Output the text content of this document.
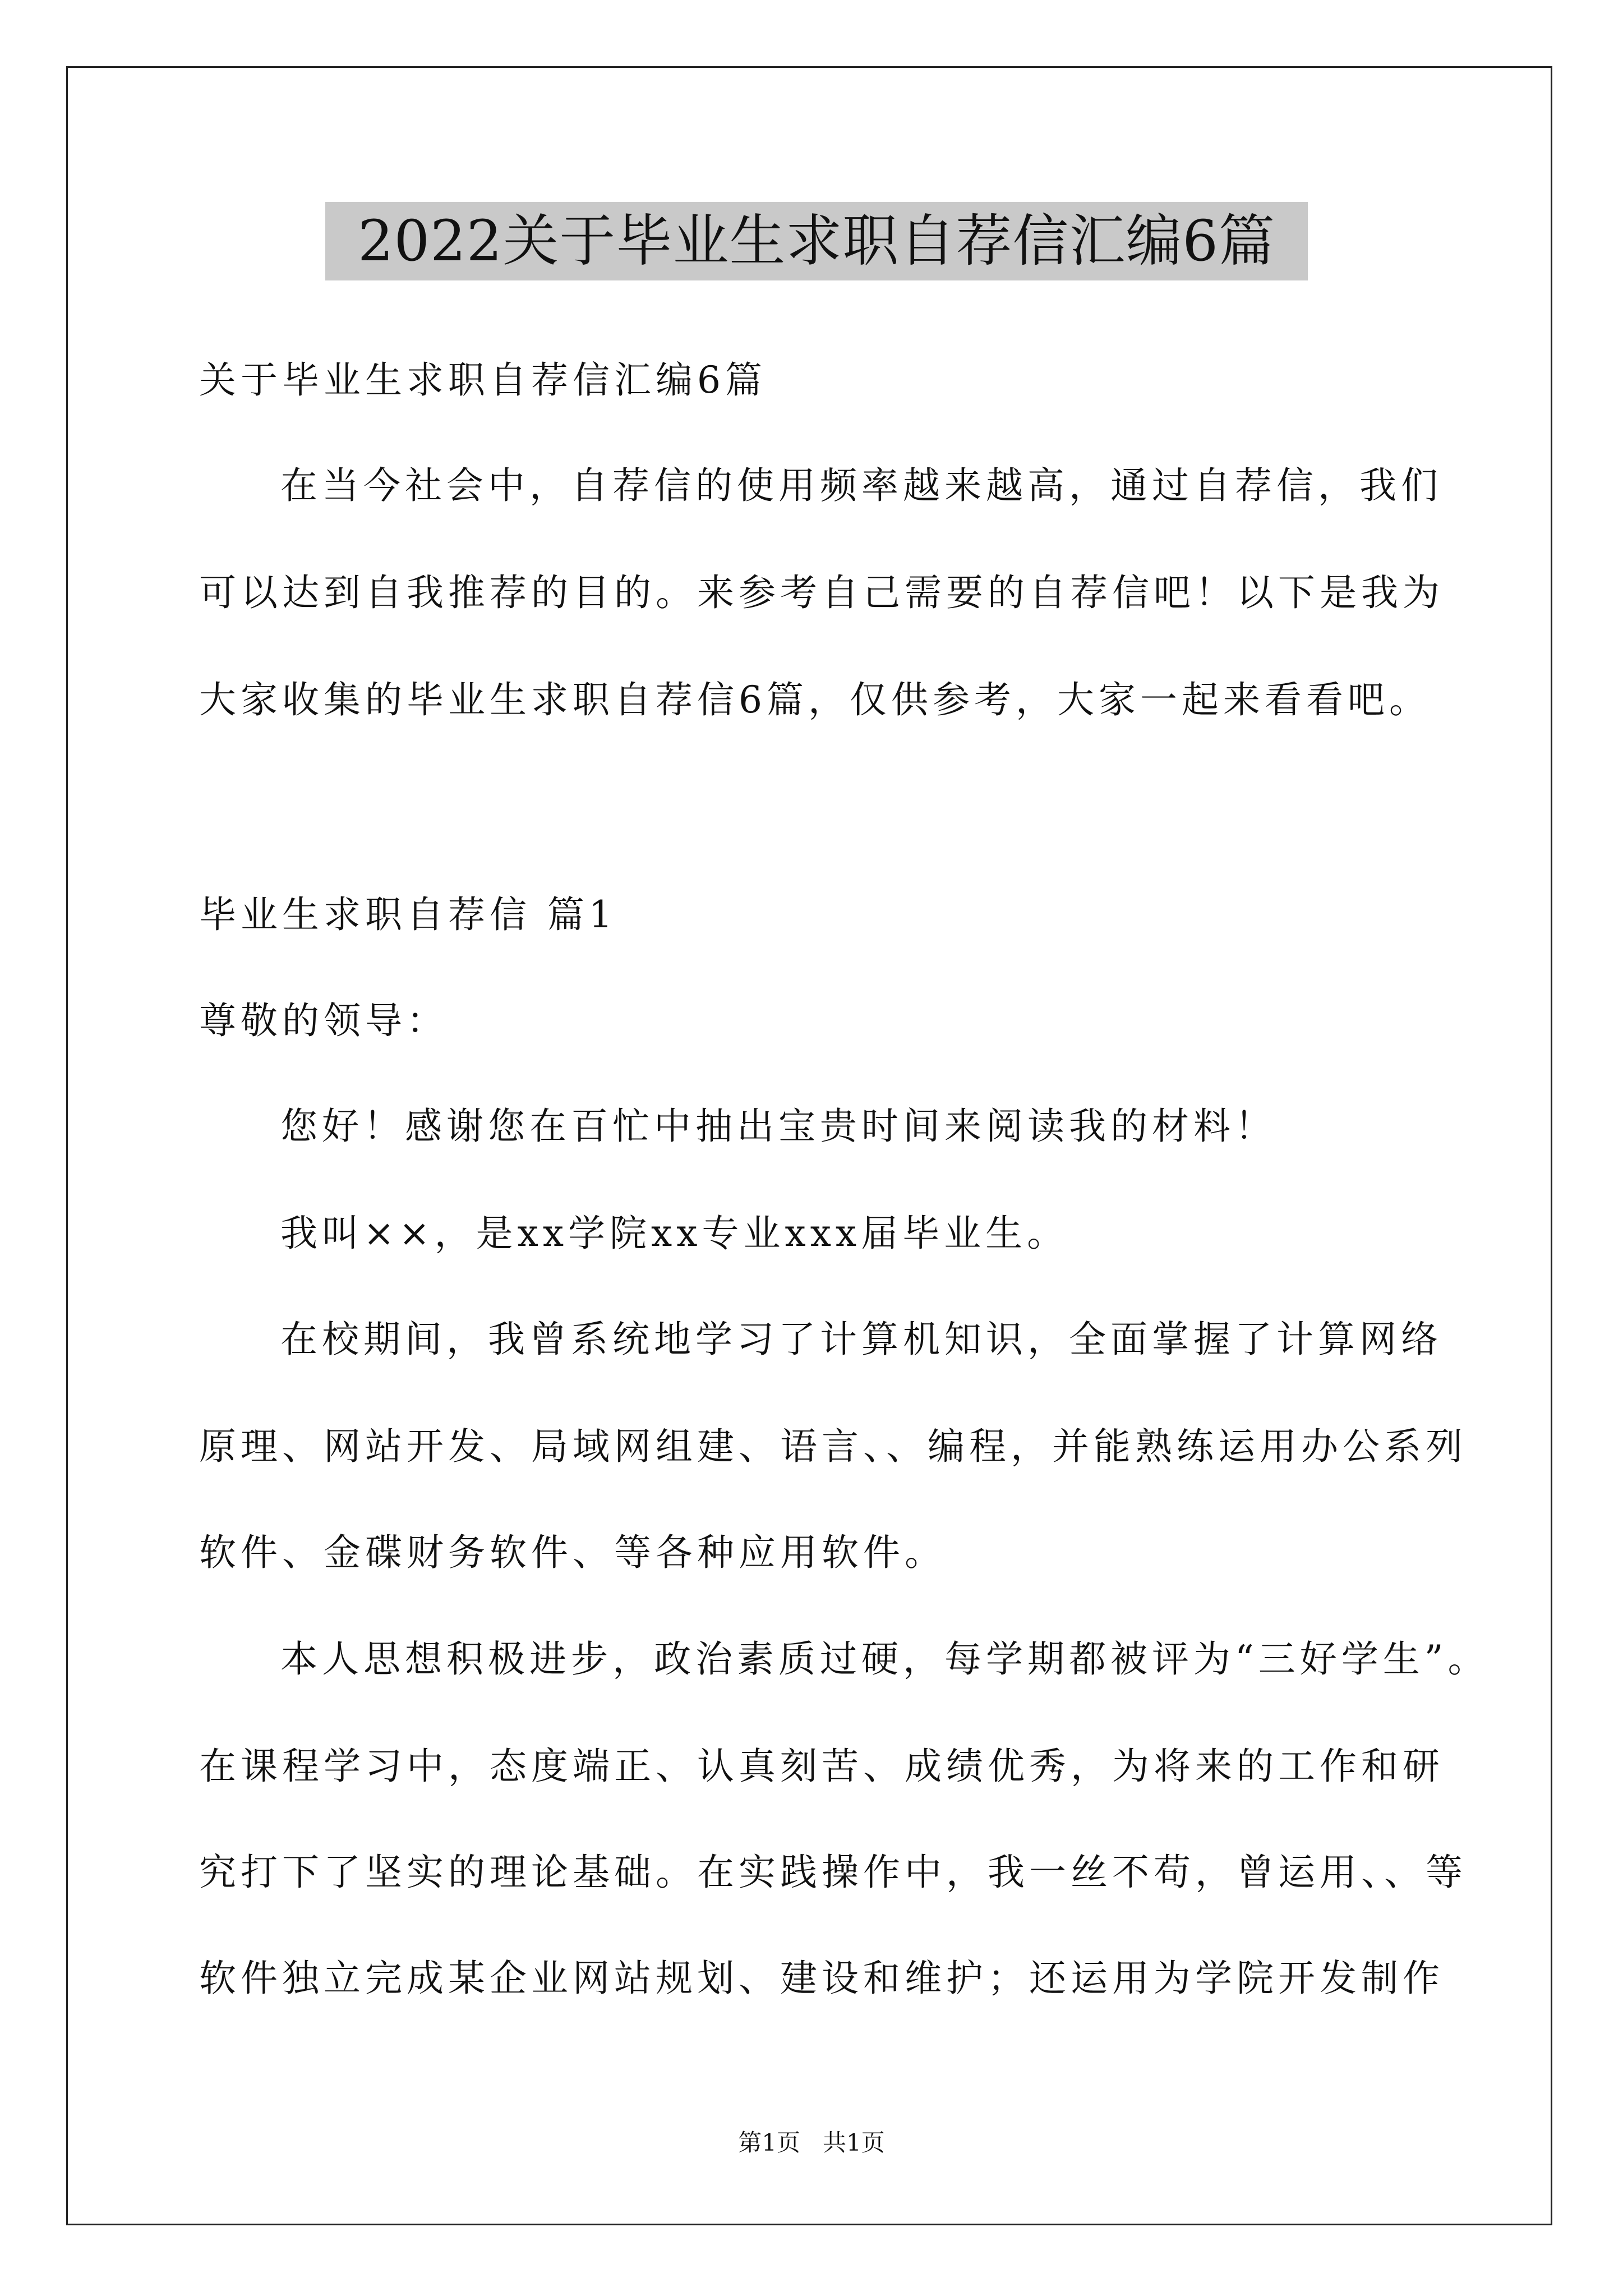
2022关于毕业生求职自荐信汇编6篇
关于毕业生求职自荐信汇编6篇
在当今社会中，自荐信的使用频率越来越高，通过自荐信，我们
可以达到自我推荐的目的。来参考自己需要的自荐信吧！以下是我为
大家收集的毕业生求职自荐信6篇，仅供参考，大家一起来看看吧。
毕业生求职自荐信 篇1
尊敬的领导：
您好！感谢您在百忙中抽出宝贵时间来阅读我的材料！
我叫××，是xx学院xx专业xxx届毕业生。
在校期间，我曾系统地学习了计算机知识，全面掌握了计算网络
原理、网站开发、局域网组建、语言、、编程，并能熟练运用办公系列
软件、金碟财务软件、等各种应用软件。
本人思想积极进步，政治素质过硬，每学期都被评为“三好学生”。
在课程学习中，态度端正、认真刻苦、成绩优秀，为将来的工作和研
究打下了坚实的理论基础。在实践操作中，我一丝不苟，曾运用、、等
软件独立完成某企业网站规划、建设和维护；还运用为学院开发制作
第1页   共1页
